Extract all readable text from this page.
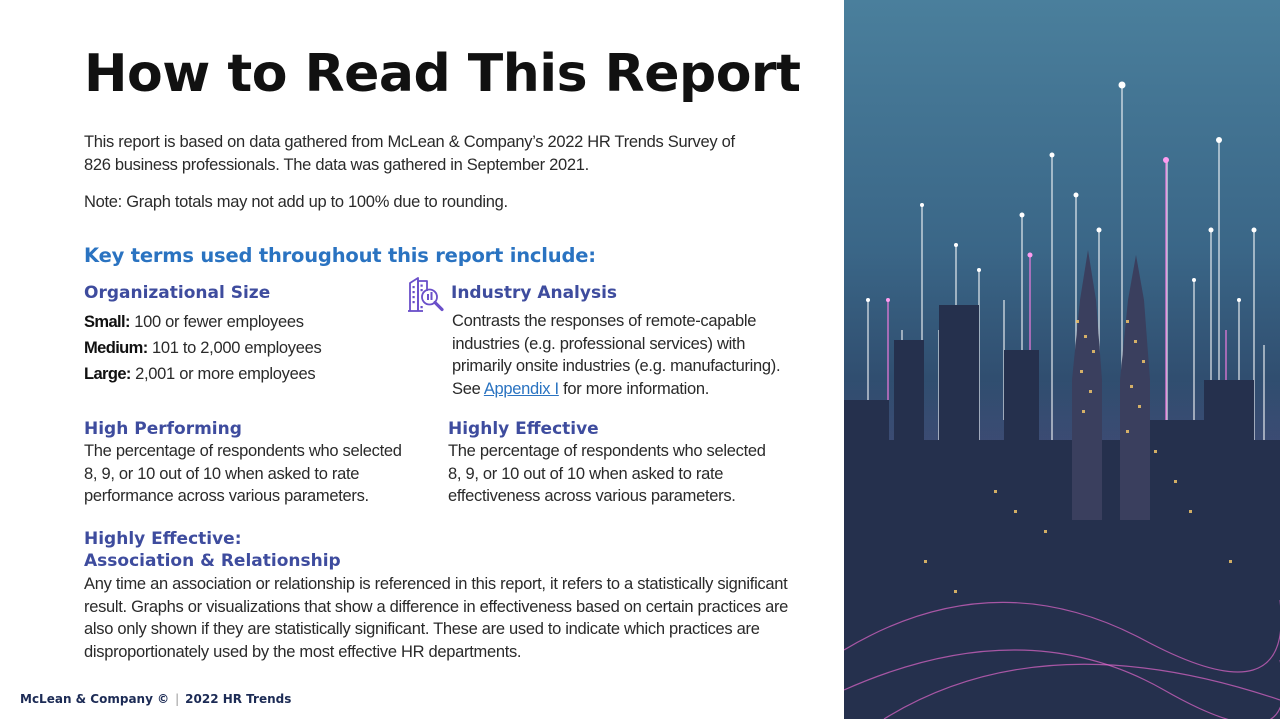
How to Read This Report
This report is based on data gathered from McLean & Company’s 2022 HR Trends Survey of
826 business professionals. The data was gathered in September 2021.
Note: Graph totals may not add up to 100% due to rounding.
Key terms used throughout this report include:
Organizational Size
Small: 100 or fewer employees
Medium: 101 to 2,000 employees
Large: 2,001 or more employees
Industry Analysis
Contrasts the responses of remote-capable
industries (e.g. professional services) with
primarily onsite industries (e.g. manufacturing).
See Appendix I for more information.
High Performing
The percentage of respondents who selected
8, 9, or 10 out of 10 when asked to rate
performance across various parameters.
Highly Effective
The percentage of respondents who selected
8, 9, or 10 out of 10 when asked to rate
effectiveness across various parameters.
Highly Effective:
Association & Relationship
Any time an association or relationship is referenced in this report, it refers to a statistically significant
result. Graphs or visualizations that show a difference in effectiveness based on certain practices are
also only shown if they are statistically significant. These are used to indicate which practices are
disproportionately used by the most effective HR departments.
McLean & Company © | 2022 HR Trends
